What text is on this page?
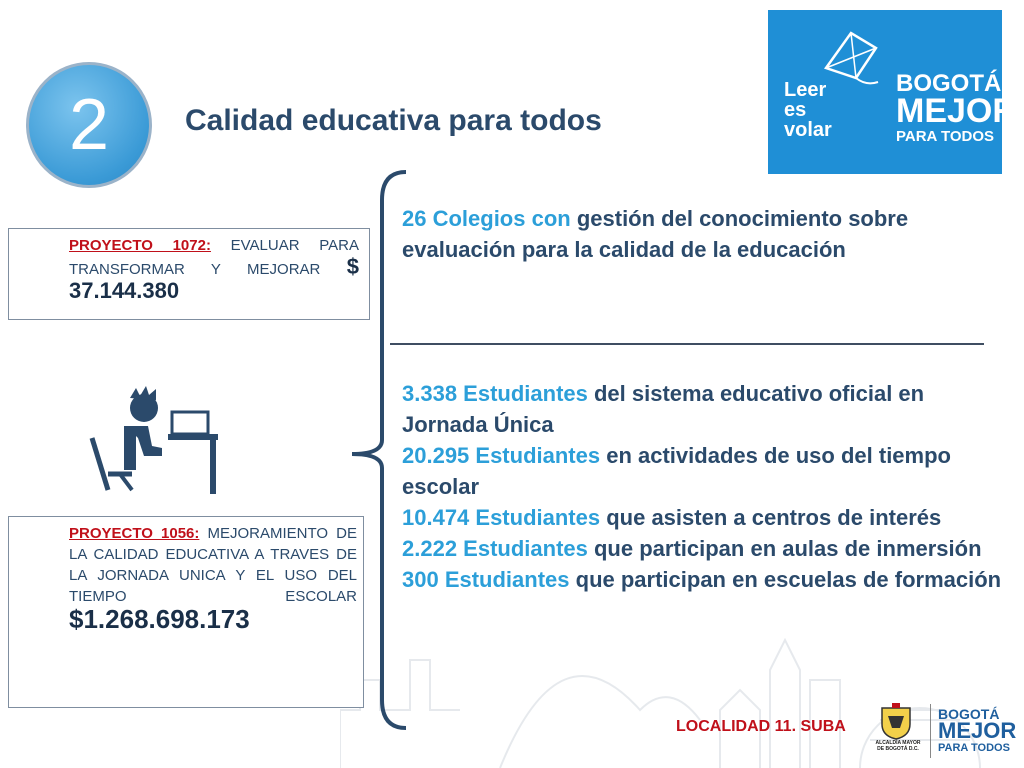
2	Calidad educativa para todos
Leer
es
volar
BOGOTÁ
MEJOR
PARA TODOS
PROYECTO 1072: EVALUAR PARA TRANSFORMAR Y MEJORAR $ 37.144.380
PROYECTO 1056: MEJORAMIENTO DE LA CALIDAD EDUCATIVA A TRAVES DE LA JORNADA UNICA Y EL USO DEL TIEMPO ESCOLAR
$1.268.698.173
26 Colegios con gestión del conocimiento sobre evaluación para la calidad de la educación
3.338 Estudiantes del sistema educativo oficial en Jornada Única
20.295 Estudiantes en actividades de uso del tiempo escolar
10.474 Estudiantes que asisten a centros de interés
2.222 Estudiantes que participan en aulas de inmersión
300 Estudiantes que participan en escuelas de formación
LOCALIDAD 11. SUBA
ALCALDÍA MAYOR DE BOGOTÁ D.C.
BOGOTÁ
MEJOR
PARA TODOS
